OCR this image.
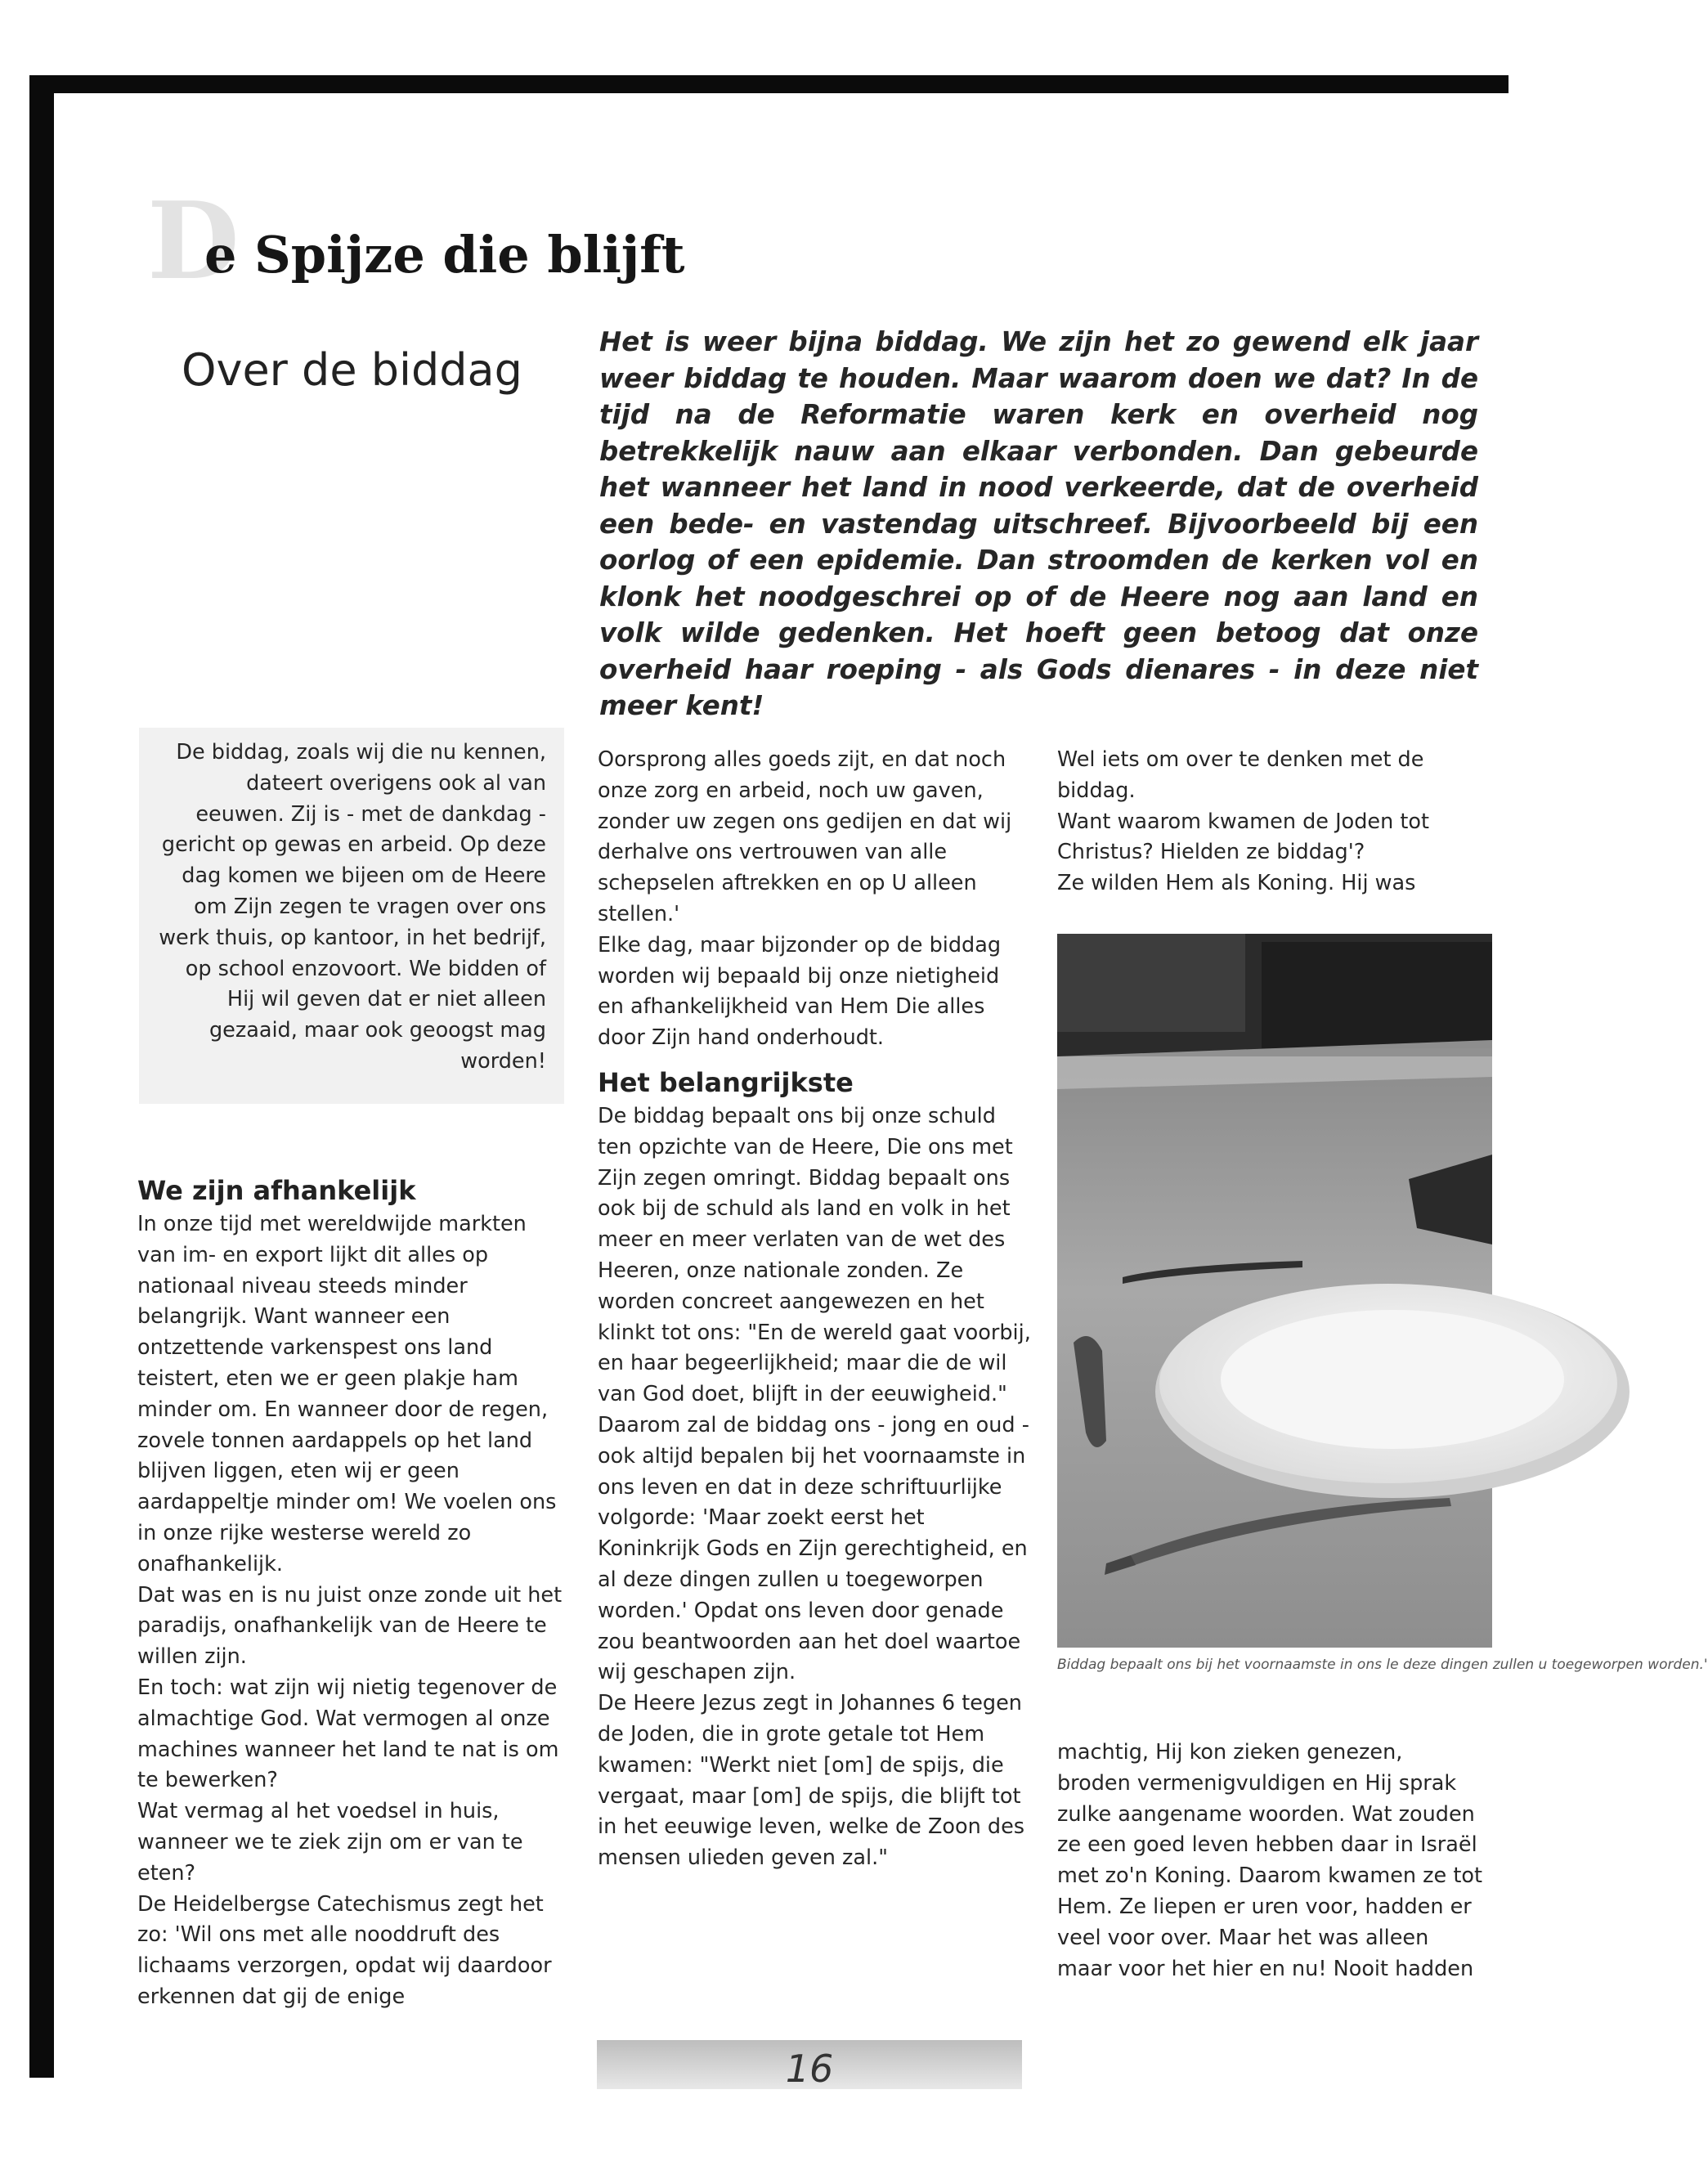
D
e Spijze die blijft
Over de biddag

Het is weer bijna biddag. We zijn het zo gewend elk jaar weer biddag te houden. Maar waarom doen we dat? In de tijd na de Reformatie waren kerk en overheid nog betrekkelijk nauw aan elkaar verbonden. Dan gebeurde het wanneer het land in nood verkeerde, dat de overheid een bede- en vastendag uitschreef. Bijvoorbeeld bij een oorlog of een epidemie. Dan stroomden de kerken vol en klonk het noodgeschrei op of de Heere nog aan land en volk wilde gedenken. Het hoeft geen betoog dat onze overheid haar roeping - als Gods dienares - in deze niet meer kent!

De biddag, zoals wij die nu kennen, dateert overigens ook al van eeuwen. Zij is - met de dankdag - gericht op gewas en arbeid. Op deze dag komen we bijeen om de Heere om Zijn zegen te vragen over ons werk thuis, op kantoor, in het bedrijf, op school enzovoort. We bidden of Hij wil geven dat er niet alleen gezaaid, maar ook geoogst mag worden!

We zijn afhankelijk

In onze tijd met wereldwijde markten van im- en export lijkt dit alles op nationaal niveau steeds minder belangrijk. Want wanneer een ontzettende varkenspest ons land teistert, eten we er geen plakje ham minder om. En wanneer door de regen, zovele tonnen aardappels op het land blijven liggen, eten wij er geen aardappeltje minder om! We voelen ons in onze rijke westerse wereld zo onafhankelijk.

Dat was en is nu juist onze zonde uit het paradijs, onafhankelijk van de Heere te willen zijn.

En toch: wat zijn wij nietig tegenover de almachtige God. Wat vermogen al onze machines wanneer het land te nat is om te bewerken?

Wat vermag al het voedsel in huis, wanneer we te ziek zijn om er van te eten?

De Heidelbergse Catechismus zegt het zo: 'Wil ons met alle nooddruft des lichaams verzorgen, opdat wij daardoor erkennen dat gij de enige

Oorsprong alles goeds zijt, en dat noch onze zorg en arbeid, noch uw gaven, zonder uw zegen ons gedijen en dat wij derhalve ons vertrouwen van alle schepselen aftrekken en op U alleen stellen.'

Elke dag, maar bijzonder op de biddag worden wij bepaald bij onze nietigheid en afhankelijkheid van Hem Die alles door Zijn hand onderhoudt.

Het belangrijkste

De biddag bepaalt ons bij onze schuld ten opzichte van de Heere, Die ons met Zijn zegen omringt. Biddag bepaalt ons ook bij de schuld als land en volk in het meer en meer verlaten van de wet des Heeren, onze nationale zonden. Ze worden concreet aangewezen en het klinkt tot ons: "En de wereld gaat voorbij, en haar begeerlijkheid; maar die de wil van God doet, blijft in der eeuwigheid."

Daarom zal de biddag ons - jong en oud - ook altijd bepalen bij het voornaamste in ons leven en dat in deze schriftuurlijke volgorde: 'Maar zoekt eerst het Koninkrijk Gods en Zijn gerechtigheid, en al deze dingen zullen u toegeworpen worden.' Opdat ons leven door genade zou beantwoorden aan het doel waartoe wij geschapen zijn.

De Heere Jezus zegt in Johannes 6 tegen de Joden, die in grote getale tot Hem kwamen: "Werkt niet [om] de spijs, die vergaat, maar [om] de spijs, die blijft tot in het eeuwige leven, welke de Zoon des mensen ulieden geven zal."

Wel iets om over te denken met de biddag.

Want waarom kwamen de Joden tot Christus? Hielden ze biddag'?

Ze wilden Hem als Koning. Hij was

Biddag bepaalt ons bij het voornaamste in ons le deze dingen zullen u toegeworpen worden.'

machtig, Hij kon zieken genezen, broden vermenigvuldigen en Hij sprak zulke aangename woorden. Wat zouden ze een goed leven hebben daar in Israël met zo'n Koning. Daarom kwamen ze tot Hem. Ze liepen er uren voor, hadden er veel voor over. Maar het was alleen maar voor het hier en nu! Nooit hadden

16
